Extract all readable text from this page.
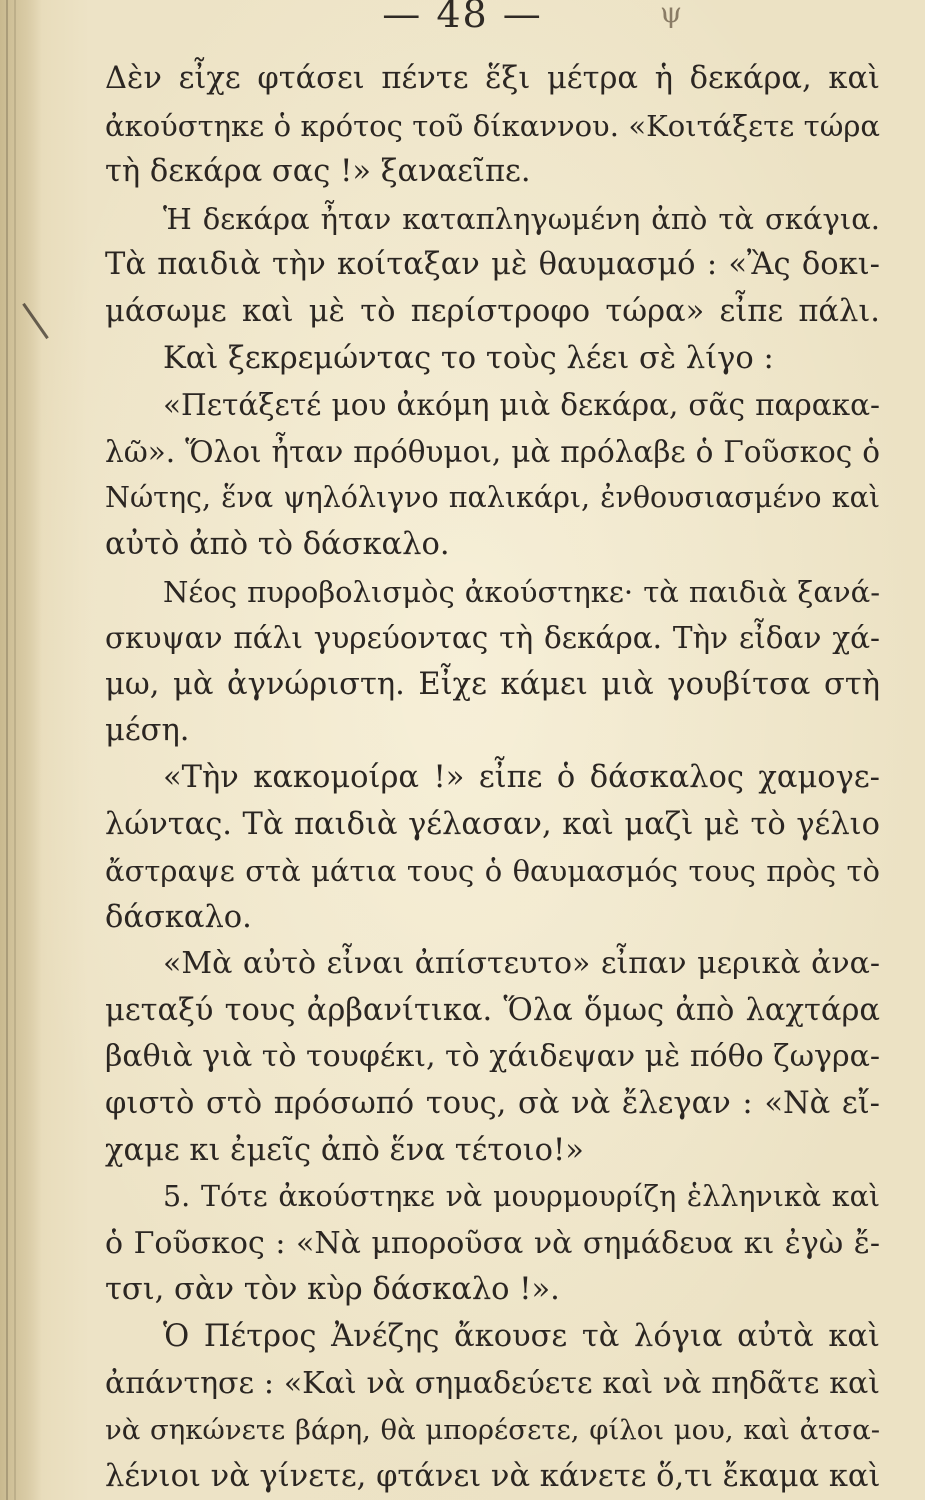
— 48 —	ψ
Δὲν εἶχε φτάσει πέντε ἕξι μέτρα ἡ δεκάρα, καὶ
ἀκούστηκε ὁ κρότος τοῦ δίκαννου. «Κοιτάξετε τώρα
τὴ δεκάρα σας !» ξαναεῖπε.
Ἡ δεκάρα ἦταν καταπληγωμένη ἀπὸ τὰ σκάγια.
Τὰ παιδιὰ τὴν κοίταξαν μὲ θαυμασμό : «Ἂς δοκι-
μάσωμε καὶ μὲ τὸ περίστροφο τώρα» εἶπε πάλι.
Καὶ ξεκρεμώντας το τοὺς λέει σὲ λίγο :
«Πετάξετέ μου ἀκόμη μιὰ δεκάρα, σᾶς παρακα-
λῶ». Ὅλοι ἦταν πρόθυμοι, μὰ πρόλαβε ὁ Γοῦσκος ὁ
Νώτης, ἕνα ψηλόλιγνο παλικάρι, ἐνθουσιασμένο καὶ
αὐτὸ ἀπὸ τὸ δάσκαλο.
Νέος πυροβολισμὸς ἀκούστηκε· τὰ παιδιὰ ξανά-
σκυψαν πάλι γυρεύοντας τὴ δεκάρα. Τὴν εἶδαν χά-
μω, μὰ ἀγνώριστη. Εἶχε κάμει μιὰ γουβίτσα στὴ
μέση.
«Τὴν κακομοίρα !» εἶπε ὁ δάσκαλος χαμογε-
λώντας. Τὰ παιδιὰ γέλασαν, καὶ μαζὶ μὲ τὸ γέλιο
ἄστραψε στὰ μάτια τους ὁ θαυμασμός τους πρὸς τὸ
δάσκαλο.
«Μὰ αὐτὸ εἶναι ἀπίστευτο» εἶπαν μερικὰ ἀνα-
μεταξύ τους ἀρβανίτικα. Ὅλα ὅμως ἀπὸ λαχτάρα
βαθιὰ γιὰ τὸ τουφέκι, τὸ χάιδεψαν μὲ πόθο ζωγρα-
φιστὸ στὸ πρόσωπό τους, σὰ νὰ ἔλεγαν : «Νὰ εἴ-
χαμε κι ἐμεῖς ἀπὸ ἕνα τέτοιο!»
5. Τότε ἀκούστηκε νὰ μουρμουρίζη ἑλληνικὰ καὶ
ὁ Γοῦσκος : «Νὰ μποροῦσα νὰ σημάδευα κι ἐγὼ ἔ-
τσι, σὰν τὸν κὺρ δάσκαλο !».
Ὁ Πέτρος Ἀνέζης ἄκουσε τὰ λόγια αὐτὰ καὶ
ἀπάντησε : «Καὶ νὰ σημαδεύετε καὶ νὰ πηδᾶτε καὶ
νὰ σηκώνετε βάρη, θὰ μπορέσετε, φίλοι μου, καὶ ἀτσα-
λένιοι νὰ γίνετε, φτάνει νὰ κάνετε ὅ,τι ἔκαμα καὶ
